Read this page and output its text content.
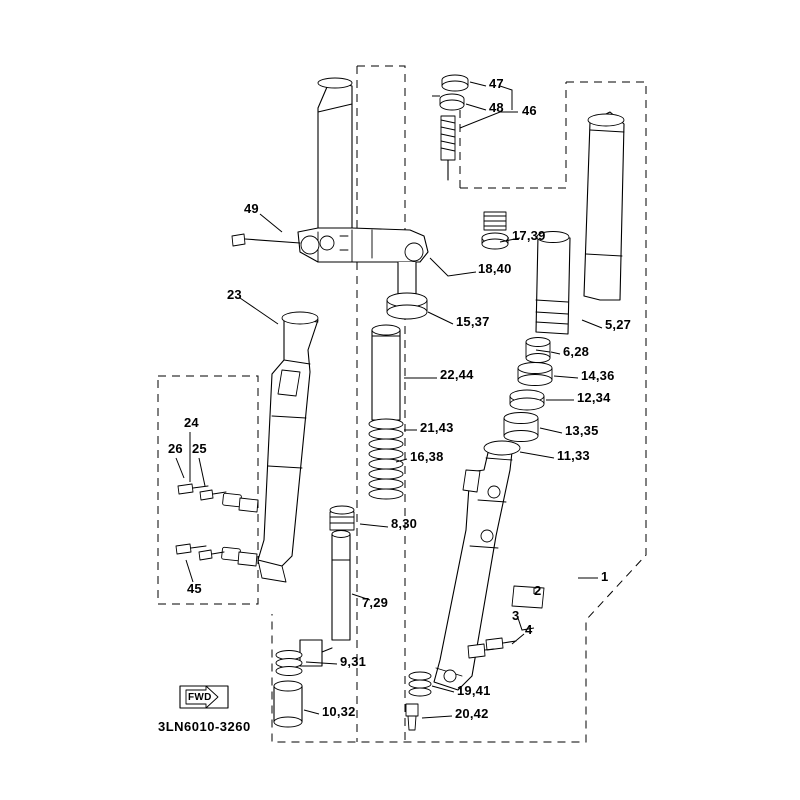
47
48 46
49
17,39
18,40
23
15,37	5,27
6,28
22,44	14,36
12,34
13,35
21,43
11,33
16,38
24
26 25
8,30
45
7,29
2
3
4
1
9,31
19,41
10,32	20,42
FWD
3LN6010-3260
